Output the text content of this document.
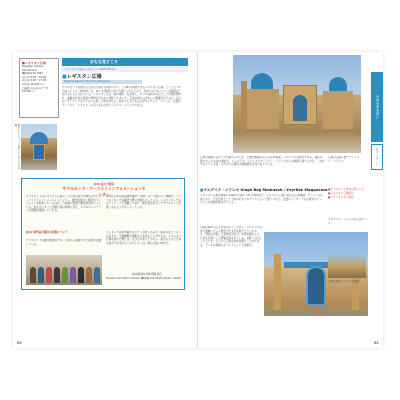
■レギスタン広場
Registan Square
Samarkand
☎(66)235-7852
◎日中 8:00〜19:00
◎冬季 8:00〜17:00
◎料金 40,000スム
□撮影 ◎写真 ◎ビデオ 10,000スム
夜のライトアップも美しいレギスタン広場
おもな見どころ
レギスタン広場からの見どころ MAP P.36-A2
■レギスタン広場
Registan Square / Регистан Майдони
サマルカンドを訪れる人が必ず訪れる場所であり、この町の象徴であるレギスタン広場。ここに立つ3つのメドレセ（神学校）は、15〜17世紀にかけて建てられたもので、中央アジアのイスラム建築を代表するものとされている。レギスタンとは「砂の場所」を意味し、かつては町の中心として市場が開かれ、重要な布告の発表や処刑が行われた場所でもあった。広場の周りはきれいに整備されており、夜にはライトアップされてさらに美しい姿を見せる。向かって左にあるのがウルグベク・メドレセ、正面がティラカリ・メドレセ、右手にあるのがシェルドル・メドレセである。
JICA 協力で開設
サマルカンド・ツーリストインフォメーションセンター
サマルカンドのレギスタン広場近くに日本の協力で開設されたツーリストインフォメーションセンター。観光客向けに地図やパンフレットを配布しているほか、日本語や英語で観光案内を行っている。地元のスタッフが旅行者の質問に答え、ホテルやレストランの情報を提供してくれる。
JICAは日本の政府開発援助（ODA）を一元的に行う機関で、ウズベキスタンでは観光分野の支援も行っている。このセンターではボランティアも活動しており、旅行者が安心してサマルカンドを楽しめるようサポートしている。
JICA 海外協力隊員の活動について
サマルカンドの観光振興のため、日本から派遣された隊員が活動している。
センターでは市内観光のツアーの申し込みや、周辺の見どころへの行き方、交通機関の情報などを得ることができる。レギスタン広場を訪れた際には、ぜひ立ち寄ってみたい。地元の人々と日本の協力で生まれたこのセンターは、旅の心強い味方だ。
JICA海外協力隊 伊藤 紗江
Tourist Information Center ☎(66)233-0528 ◎9:00〜18:00
60
ウズベキスタン
サマルカンド
広場の正面に建つティラカリ・メドレセ
広場の南側にはモスクが建てられたが、広場が整備されたのは15世紀、ウルグベクの時代である。現在の姿になったのは17世紀で、シェルドル・メドレセとティラカリ・メドレセがこの時期に建てられた。この3つのメドレセは、それぞれの時代の建築様式を今に伝えている。
■ウルグベク・メドレセ Ulugh Beg Madrasah / Улугбек Мадрасаси
レギスタン広場の西側に1420年に建てられた神学校で、レギスタン広場で最も古い建築物。ティムールの孫であり、天文学者としても知られるウルグベクによって建てられた。正面のファサードには星をモチーフにした装飾が施されている。
当時は100人以上の学生がここで学び、ウルグベク自身も教壇に立って数学や天文学を教えたといわれる。現在は内部に土産物店が並び、中庭を囲むように学生が暮らした部屋が残されている。2階へ上がることもでき、そこから広場全体を見渡すことができる。アーチの両脇に立つミナレットも見事だ。
●サマルカンド市内の見どころ
●レギスタン広場周辺
●ウズベキスタン国内
ウルグベク・メドレセの正面アーチ
広場を囲むメドレセの夜景
61
